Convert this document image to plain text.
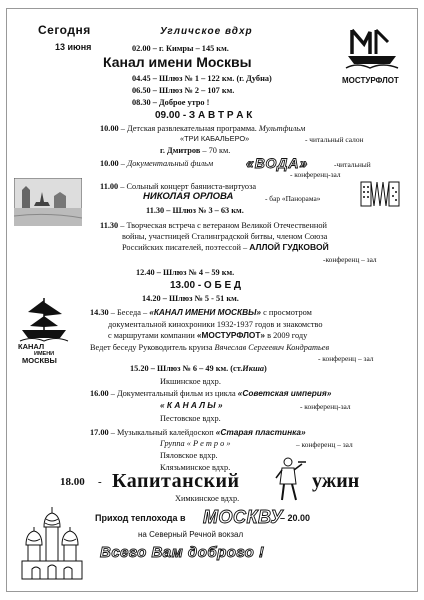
Сегодня
13 июня
Угличское вдхр
02.00 – г. Кимры – 145 км.
Канал имени Москвы
МОСТУРФЛОТ
04.45 – Шлюз № 1 – 122 км. (г. Дубна)
06.50 – Шлюз № 2 – 107 км.
08.30 – Доброе утро !
09.00 - З А В Т Р А К
10.00 – Детская развлекательная программа. Мультфильм
«ТРИ КАБАЛЬЕРО»	- читальный салон
г. Дмитров – 70 км.
10.00 – Документальный фильм «ВОДА»	-читальный
- конференц-зал
11.00 – Сольный концерт баяниста-виртуоза
НИКОЛАЯ ОРЛОВА	- бар «Панорама»
11.30 – Шлюз № 3 – 63 км.
11.30 – Творческая встреча с ветераном Великой Отечественной
войны, участницей Сталинградской битвы, членом Союза
Российских писателей, поэтессой – АЛЛОЙ ГУДКОВОЙ
-конференц – зал
12.40 – Шлюз № 4 – 59 км.
13.00 - О Б Е Д
14.20 – Шлюз № 5 - 51 км.
КАНАЛ
ИМЕНИ
МОСКВЫ
14.30 – Беседа – «КАНАЛ ИМЕНИ МОСКВЫ» с просмотром
документальной кинохроники 1932-1937 годов и знакомство
с маршрутами компании «МОСТУРФЛОТ» в 2009 году
Ведет беседу Руководитель круиза Вячеслав Сергеевич Кондратьев
- конференц – зал
15.20 – Шлюз № 6 – 49 км. (ст.Икша)
Икшинское вдхр.
16.00 – Документальный фильм из цикла «Советская империя»
« К А Н А Л Ы »	- конференц-зал
Пестовское вдхр.
17.00 – Музыкальный калейдоскоп «Старая пластинка»
Группа « Р е т р о »	– конференц – зал
Пяловское вдхр.
Клязьминское вдхр.
18.00 - Капитанский	ужин
Химкинское вдхр.
Приход теплохода в МОСКВУ
– 20.00
на Северный Речной вокзал
Всего Вам доброго !
